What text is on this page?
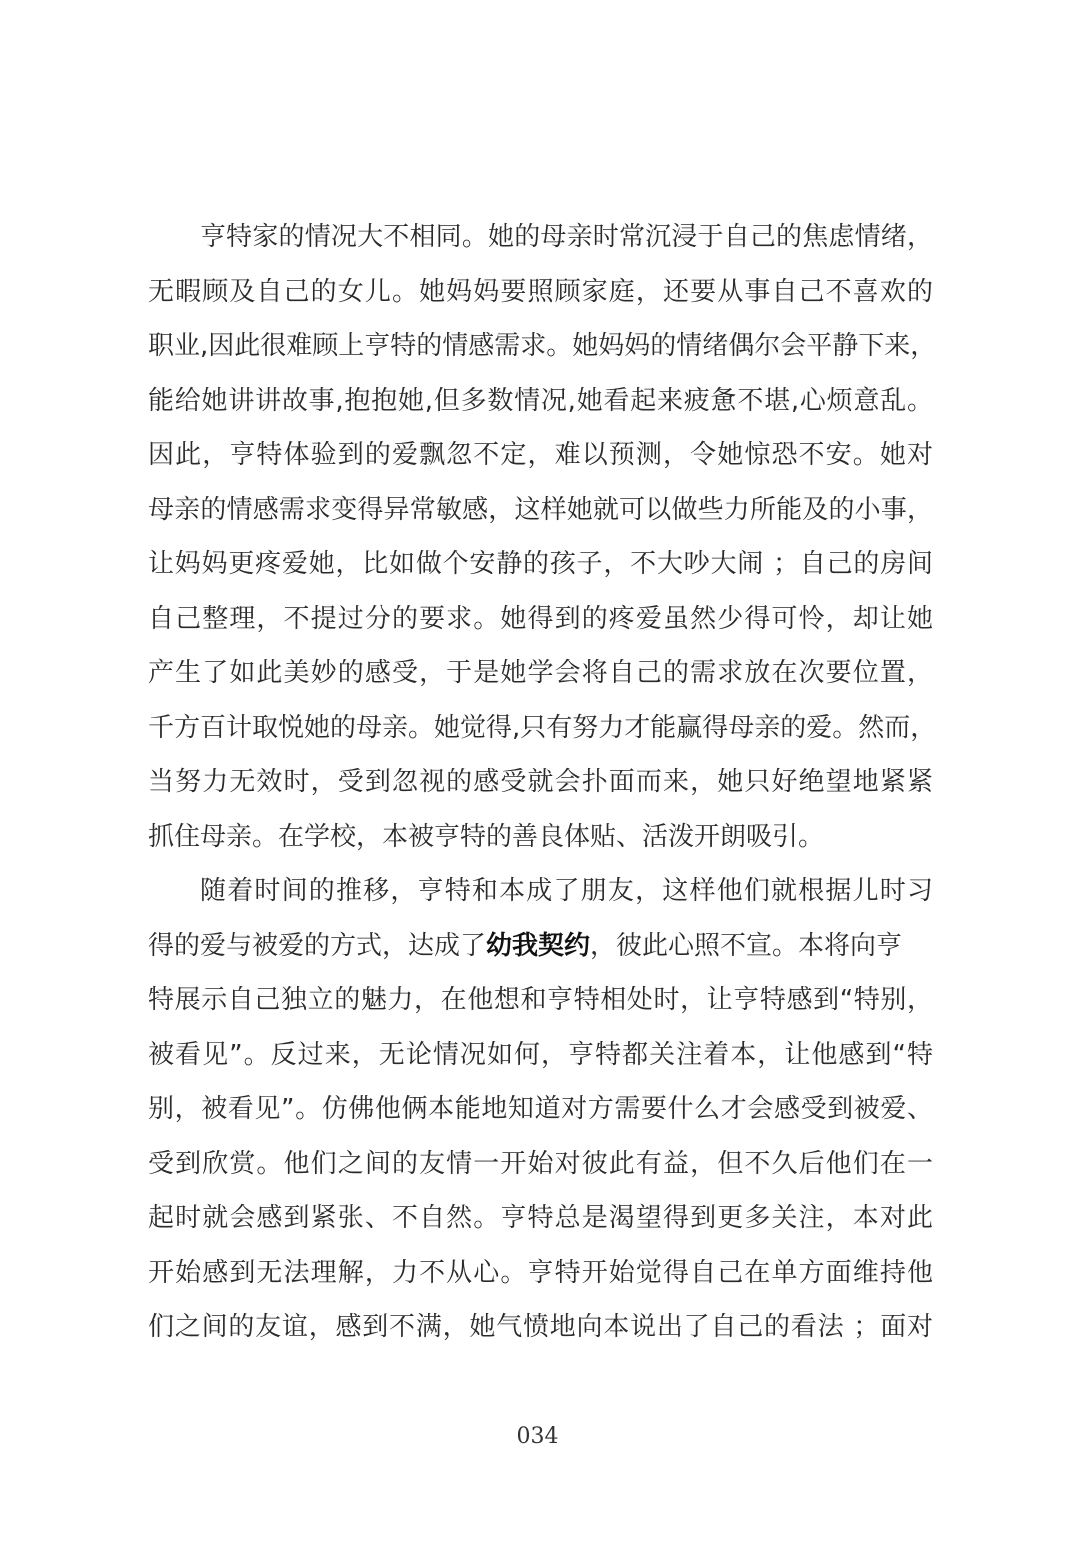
亨特家的情况大不相同。她的母亲时常沉浸于自己的焦虑情绪，
无暇顾及自己的女儿。她妈妈要照顾家庭，还要从事自己不喜欢的
职业,因此很难顾上亨特的情感需求。她妈妈的情绪偶尔会平静下来，
能给她讲讲故事,抱抱她,但多数情况,她看起来疲惫不堪,心烦意乱。
因此，亨特体验到的爱飘忽不定，难以预测，令她惊恐不安。她对
母亲的情感需求变得异常敏感，这样她就可以做些力所能及的小事，
让妈妈更疼爱她，比如做个安静的孩子，不大吵大闹 ；自己的房间
自己整理，不提过分的要求。她得到的疼爱虽然少得可怜，却让她
产生了如此美妙的感受，于是她学会将自己的需求放在次要位置，
千方百计取悦她的母亲。她觉得,只有努力才能赢得母亲的爱。然而，
当努力无效时，受到忽视的感受就会扑面而来，她只好绝望地紧紧
抓住母亲。在学校，本被亨特的善良体贴、活泼开朗吸引。
随着时间的推移，亨特和本成了朋友，这样他们就根据儿时习
得的爱与被爱的方式，达成了幼我契约，彼此心照不宣。本将向亨
特展示自己独立的魅力，在他想和亨特相处时，让亨特感到“特别，
被看见”。反过来，无论情况如何，亨特都关注着本，让他感到“特
别，被看见”。仿佛他俩本能地知道对方需要什么才会感受到被爱、
受到欣赏。他们之间的友情一开始对彼此有益，但不久后他们在一
起时就会感到紧张、不自然。亨特总是渴望得到更多关注，本对此
开始感到无法理解，力不从心。亨特开始觉得自己在单方面维持他
们之间的友谊，感到不满，她气愤地向本说出了自己的看法 ；面对
034
